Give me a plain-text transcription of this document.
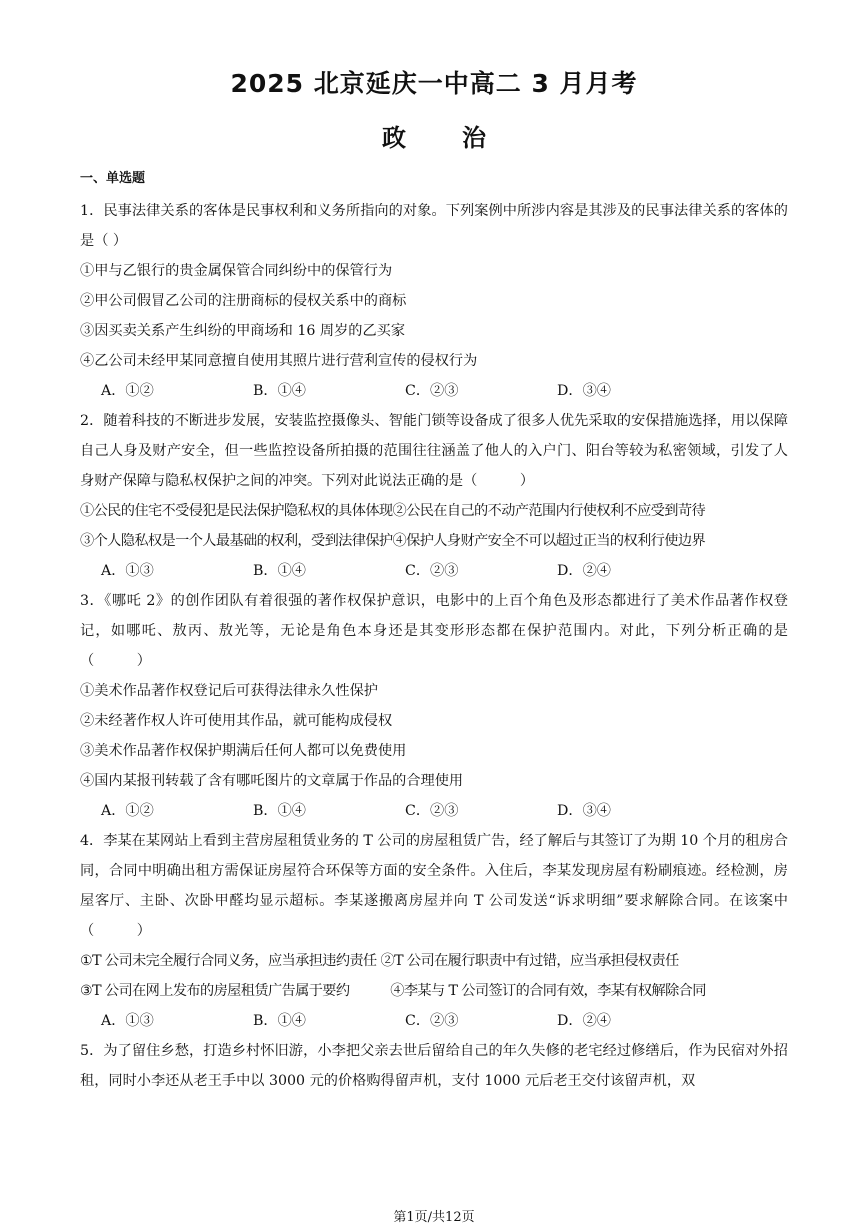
2025 北京延庆一中高二 3 月月考
政治
一、单选题

1．民事法律关系的客体是民事权利和义务所指向的对象。下列案例中所涉内容是其涉及的民事法律关系的客体的是（ ）

①甲与乙银行的贵金属保管合同纠纷中的保管行为

②甲公司假冒乙公司的注册商标的侵权关系中的商标

③因买卖关系产生纠纷的甲商场和 16 周岁的乙买家

④乙公司未经甲某同意擅自使用其照片进行营利宣传的侵权行为

A．①②	B．①④	C．②③	D．③④

2．随着科技的不断进步发展，安装监控摄像头、智能门锁等设备成了很多人优先采取的安保措施选择，用以保障自己人身及财产安全，但一些监控设备所拍摄的范围往往涵盖了他人的入户门、阳台等较为私密领域，引发了人身财产保障与隐私权保护之间的冲突。下列对此说法正确的是（　　　）

①公民的住宅不受侵犯是民法保护隐私权的具体体现②公民在自己的不动产范围内行使权利不应受到苛待

③个人隐私权是一个人最基础的权利，受到法律保护④保护人身财产安全不可以超过正当的权利行使边界

A．①③	B．①④	C．②③	D．②④

3．《哪吒 2》的创作团队有着很强的著作权保护意识，电影中的上百个角色及形态都进行了美术作品著作权登记，如哪吒、敖丙、敖光等，无论是角色本身还是其变形形态都在保护范围内。对此，下列分析正确的是（　　　）

①美术作品著作权登记后可获得法律永久性保护

②未经著作权人许可使用其作品，就可能构成侵权

③美术作品著作权保护期满后任何人都可以免费使用

④国内某报刊转载了含有哪吒图片的文章属于作品的合理使用

A．①②	B．①④	C．②③	D．③④

4．李某在某网站上看到主营房屋租赁业务的 T 公司的房屋租赁广告，经了解后与其签订了为期 10 个月的租房合同，合同中明确出租方需保证房屋符合环保等方面的安全条件。入住后，李某发现房屋有粉刷痕迹。经检测，房屋客厅、主卧、次卧甲醛均显示超标。李某遂搬离房屋并向 T 公司发送“诉求明细”要求解除合同。在该案中（　　　）

①T 公司未完全履行合同义务，应当承担违约责任 ②T 公司在履行职责中有过错，应当承担侵权责任

③T 公司在网上发布的房屋租赁广告属于要约　　　④李某与 T 公司签订的合同有效，李某有权解除合同

A．①③	B．①④	C．②③	D．②④

5．为了留住乡愁，打造乡村怀旧游，小李把父亲去世后留给自己的年久失修的老宅经过修缮后，作为民宿对外招租，同时小李还从老王手中以 3000 元的价格购得留声机，支付 1000 元后老王交付该留声机，双

第1页/共12页
